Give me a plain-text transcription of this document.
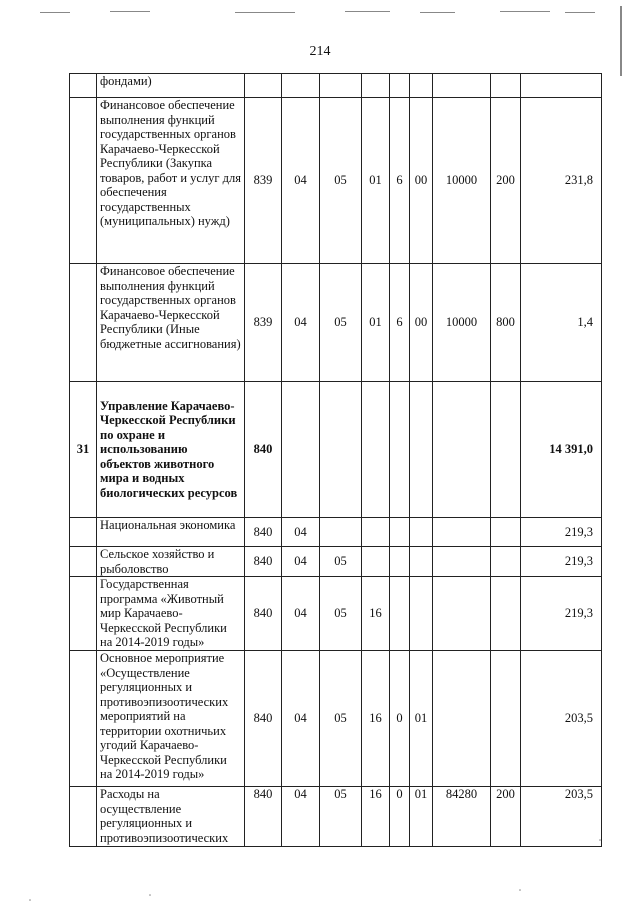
214
	фондами)									
	Финансовое обеспечение выполнения функций государственных органов Карачаево-Черкесской Республики (Закупка товаров, работ и услуг для обеспечения государственных (муниципальных) нужд)	839	04	05	01	6	00	10000	200	231,8
	Финансовое обеспечение выполнения функций государственных органов Карачаево-Черкесской Республики (Иные бюджетные ассигнования)	839	04	05	01	6	00	10000	800	1,4
31	Управление Карачаево-Черкесской Республики по охране и использованию объектов животного мира и водных биологических ресурсов	840								14 391,0
	Национальная экономика	840	04							219,3
	Сельское хозяйство и рыболовство	840	04	05						219,3
	Государственная программа «Животный мир Карачаево-Черкесской Республики на 2014-2019 годы»	840	04	05	16					219,3
	Основное мероприятие «Осуществление регуляционных и противоэпизоотических мероприятий на территории охотничьих угодий Карачаево-Черкесской Республики на 2014-2019 годы»	840	04	05	16	0	01			203,5
	Расходы на осуществление регуляционных и противоэпизоотических	840	04	05	16	0	01	84280	200	203,5
